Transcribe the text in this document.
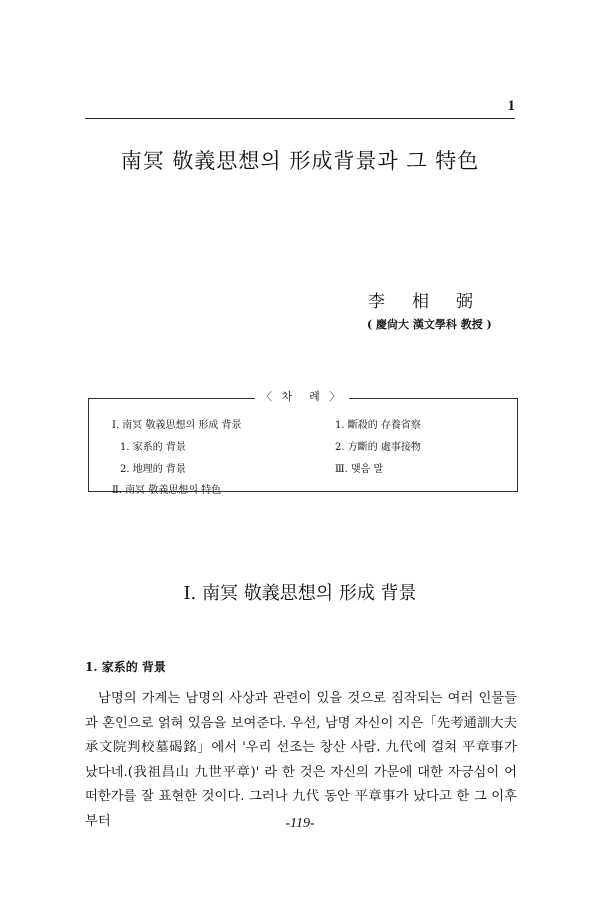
1
南冥 敬義思想의 形成背景과 그 特色
李相弼
( 慶尙大 漢文學科 教授 )
〈 차　례 〉
Ⅰ. 南冥 敬義思想의 形成 背景
1. 家系的 背景
2. 地理的 背景
Ⅱ. 南冥 敬義思想의 特色
1. 斷殺的 存養省察
2. 方斷的 處事接物
Ⅲ. 맺음 말
Ⅰ. 南冥 敬義思想의 形成 背景
1. 家系的 背景

남명의 가계는 남명의 사상과 관련이 있을 것으로 짐작되는 여러 인물들과 혼인으로 얽혀 있음을 보여준다. 우선, 남명 자신이 지은「先考通訓大夫承文院判校墓碣銘」에서 '우리 선조는 창산 사람. 九代에 걸쳐 平章事가 났다네.(我祖昌山 九世平章)' 라 한 것은 자신의 가문에 대한 자긍심이 어떠한가를 잘 표현한 것이다. 그러나 九代 동안 平章事가 났다고 한 그 이후부터	-119-
